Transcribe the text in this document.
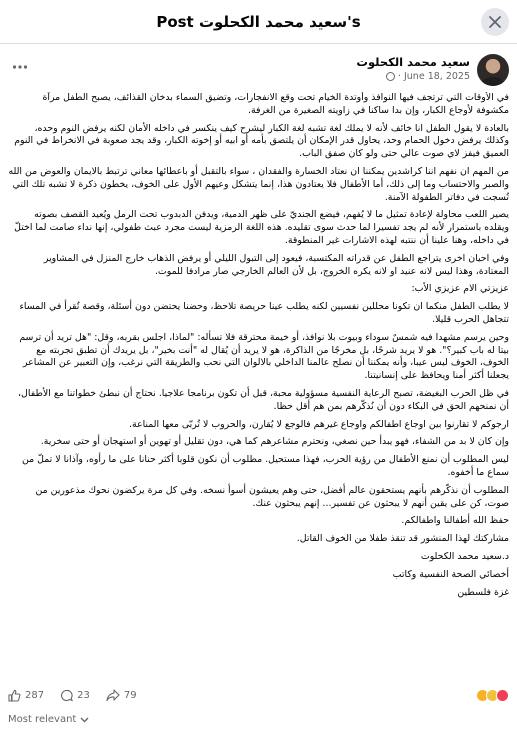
Post سعيد محمد الكحلوت's
سعيد محمد الكحلوت
· June 18, 2025

في الأوقات التي ترتجف فيها النوافذ وأوتدة الخيام تحت وقع الانفجارات، وتضيق السماء بدخان القذائف، يصبح الطفل مرآة مكشوفة لأوجاع الكبار، وإن بدا ساكنا في زاويته الصغيرة من الغرفة.

بالعادة لا يقول الطفل انا خائف لأنه لا يملك لغة تشبه لغة الكبار ليشرح كيف ينكسر في داخله الأمان لكنه يرفض النوم وحده، وكذلك يرفض دخول الحمام وحد، يحاول قدر الإمكان أن يلتصق بأمه أو ابيه أو إخوته الكبار، وقد يجد صعوبة في الانخراط في النوم العميق فيفز لاي صوت عالي حتى ولو كان صفق الباب.

من المهم ان نفهم اننا كراشدين يمكننا ان نعتاد الخسارة والفقدان ، سواء بالتقبل أو باعطائها معاني ترتبط بالايمان والعوض من الله والصبر والاحتساب وما إلى ذلك، أما الأطفال فلا يعتادون هذا، إنما يتشكل وعيهم الأول على الخوف، يخطون ذكرة لا تشبه تلك التي تُسجت في دفاتر الطفولة الآمنة.

يصير اللعب محاولة لإعادة تمثيل ما لا يُفهم، فيضع الجنديّ على ظهر الدمية، ويدفن الدبدوب تحت الرمل ويُعيد القصف بصوته ويقلده باستمرار لأنه لم يجد تفسيرا لما حدث سوى تقليده. هذه اللغة الرمزية ليست مجرد عبث طفولي، إنها نداء صامت لما اختلّ في داخله، وهنا علينا أن ننتبه لهذه الاشارات غير المنطوقة.

وفي احيان اخرى يتراجع الطفل عن قدراته المكتسبة، فيعود إلى التبول الليلي أو يرفض الذهاب خارج المنزل في المشاوير المعتادة، وهذا ليس لانه عنيد او لانه يكره الخروج، بل لأن العالم الخارجي صار مرادفا للموت.

عزيزتي الام عزيزي الأب:

لا يطلب الطفل منكما ان تكونا محللين نفسيين لكنه يطلب عينا حريصة تلاحظ، وحضنا يحتضن دون أسئلة، وقصة تُقرأ في المساء تتجاهل الحرب قليلا.

وحين يرسم مشهدا فيه شمسٌ سوداء وبيوت بلا نوافذ، أو خيمة محترقة فلا تسأله: "لماذا، اجلس بقربه، وقل: "هل تريد أن ترسم بيتا له باب كبير؟". هو لا يريد شرحًا، بل مخرجًا من الذاكرة، هو لا يريد أن يُقال له "أنت بخير"، بل يريدك أن تطبق تجربته مع الخوف، الخوف ليس عيبا، وأنه يمكننا أن نصلح عالمنا الداخلي بالالوان التي نحب والطريقة التي نرغب، وإن التعبير عن المشاعر يجعلنا أكثر أمنا ويحافظ على إنسانيتنا.

في ظل الحرب البغيضة، تصبح الرعاية النفسية مسؤولية محبة، قبل أن تكون برنامجا علاجيا. نحتاج أن نبطئ خطواتنا مع الأطفال، أن نمنحهم الحق في البكاء دون أن نُذكّرهم بمن هم أقل حظا.

ارجوكم لا تقارنوا بين اوجاع اطفالكم واوجاع غيرهم فالوجع لا يُقارن، والحروب لا تُربّى معها المناعة.

وإن كان لا بد من الشفاء، فهو يبدأ حين نصغي، ونحترم مشاعرهم كما هي، دون تقليل أو تهوين أو استهجان أو حتى سخرية.

ليس المطلوب أن نمنع الأطفال من رؤية الحرب، فهذا مستحيل. مطلوب أن نكون قلوبا أكثر حنانا على ما رأوه، وآذانا لا تملّ من سماع ما أخفوه.

المطلوب أن نذكّرهم بأنهم يستحقون عالم أفضل، حتى وهم يعيشون أسوأ نسخه. وفي كل مرة يركضون نحوك مذعورين من صوت، كن على يقين أنهم لا يبحثون عن تفسير... إنهم يبحثون عنك.

حفظ الله أطفالنا واطفالكم.

مشاركتك لهذا المنشور قد تنقذ طفلا من الخوف القاتل.

د.سعيد محمد الكحلوت

أخصائي الصحة النفسية وكاتب

غزة فلسطين

287	23	79
Most relevant
